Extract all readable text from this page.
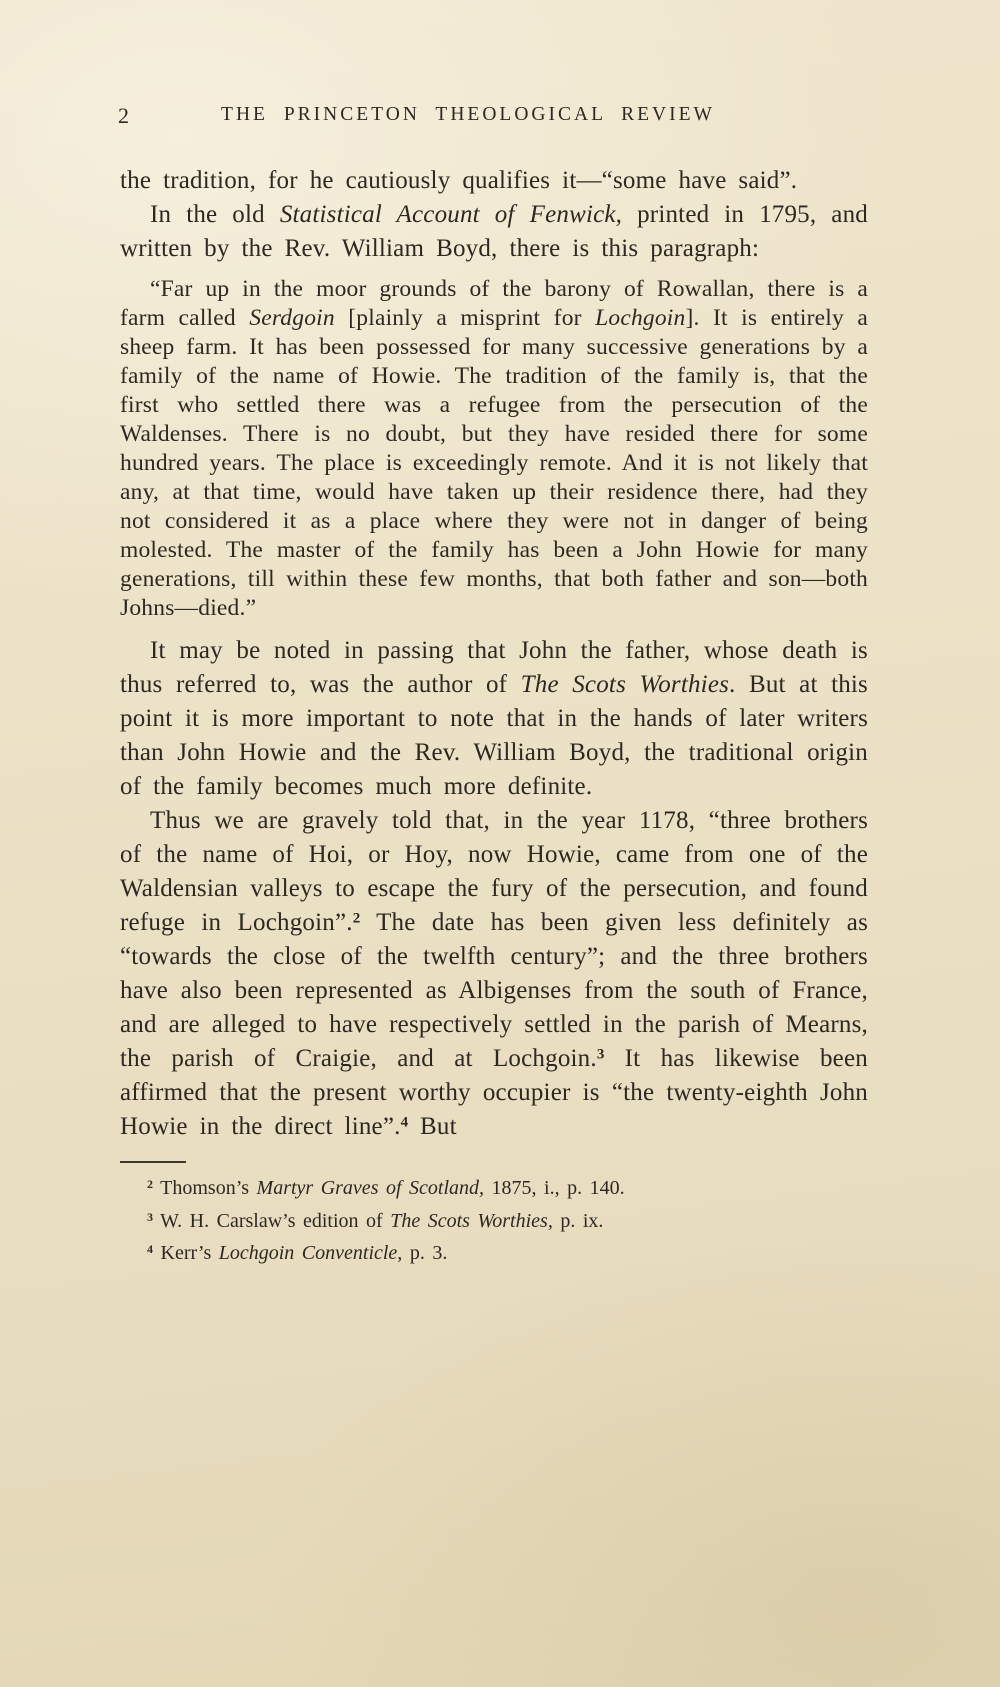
2	THE PRINCETON THEOLOGICAL REVIEW

the tradition, for he cautiously qualifies it—“some have said”.

In the old Statistical Account of Fenwick, printed in 1795, and written by the Rev. William Boyd, there is this paragraph:

“Far up in the moor grounds of the barony of Rowallan, there is a farm called Serdgoin [plainly a misprint for Lochgoin]. It is entirely a sheep farm. It has been possessed for many successive generations by a family of the name of Howie. The tradition of the family is, that the first who settled there was a refugee from the persecution of the Waldenses. There is no doubt, but they have resided there for some hundred years. The place is exceedingly remote. And it is not likely that any, at that time, would have taken up their residence there, had they not considered it as a place where they were not in danger of being molested. The master of the family has been a John Howie for many generations, till within these few months, that both father and son—both Johns—died.”

It may be noted in passing that John the father, whose death is thus referred to, was the author of The Scots Worthies. But at this point it is more important to note that in the hands of later writers than John Howie and the Rev. William Boyd, the traditional origin of the family becomes much more definite.

Thus we are gravely told that, in the year 1178, “three brothers of the name of Hoi, or Hoy, now Howie, came from one of the Waldensian valleys to escape the fury of the persecution, and found refuge in Lochgoin”.$^2$ The date has been given less definitely as “towards the close of the twelfth century”; and the three brothers have also been represented as Albigenses from the south of France, and are alleged to have respectively settled in the parish of Mearns, the parish of Craigie, and at Lochgoin.$^3$ It has likewise been affirmed that the present worthy occupier is “the twenty-eighth John Howie in the direct line”.$^4$ But

$^2$ Thomson’s Martyr Graves of Scotland, 1875, i., p. 140.

$^3$ W. H. Carslaw’s edition of The Scots Worthies, p. ix.

$^4$ Kerr’s Lochgoin Conventicle, p. 3.
